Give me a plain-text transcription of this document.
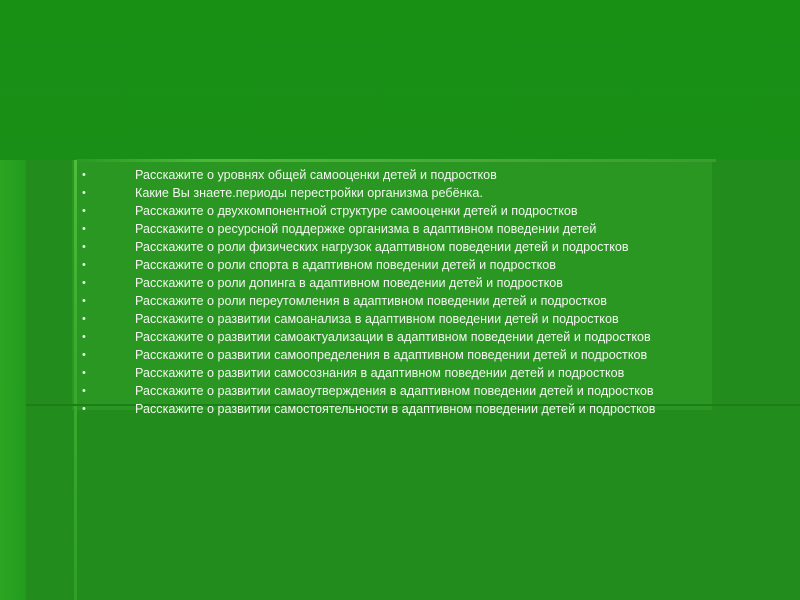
•	Расскажите о уровнях общей самооценки детей и подростков
•	Какие Вы знаете.периоды перестройки организма ребёнка.
•	Расскажите о двухкомпонентной структуре самооценки детей и подростков
•	Расскажите о ресурсной поддержке организма в адаптивном поведении детей
•	Расскажите о роли физических нагрузок адаптивном поведении детей и подростков
•	Расскажите о роли спорта в адаптивном поведении детей и подростков
•	Расскажите о роли допинга в адаптивном поведении детей и подростков
•	Расскажите о роли переутомления в адаптивном поведении детей и подростков
•	Расскажите о развитии самоанализа в адаптивном поведении детей и подростков
•	Расскажите о развитии самоактуализации в адаптивном поведении детей и подростков
•	Расскажите о развитии самоопределения в адаптивном поведении детей и подростков
•	Расскажите о развитии самосознания в адаптивном поведении детей и подростков
•	Расскажите о развитии самаоутверждения в адаптивном поведении детей и подростков
•	Расскажите о развитии самостоятельности в адаптивном поведении детей и подростков
